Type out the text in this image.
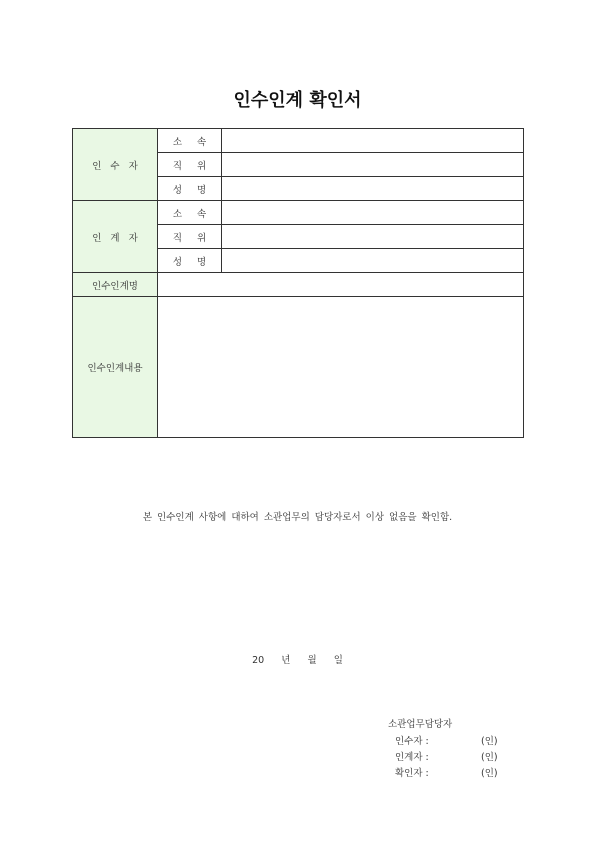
인수인계 확인서
인 수 자	소 속	
	직 위	
	성 명	
인 계 자	소 속	
	직 위	
	성 명	
인수인계명		
인수인계내용		
본 인수인계 사항에 대하여 소관업무의 담당자로서 이상 없음을 확인함.
20 년 월 일
소관업무담당자
인수자 :	(인)
인계자 :	(인)
확인자 :	(인)
